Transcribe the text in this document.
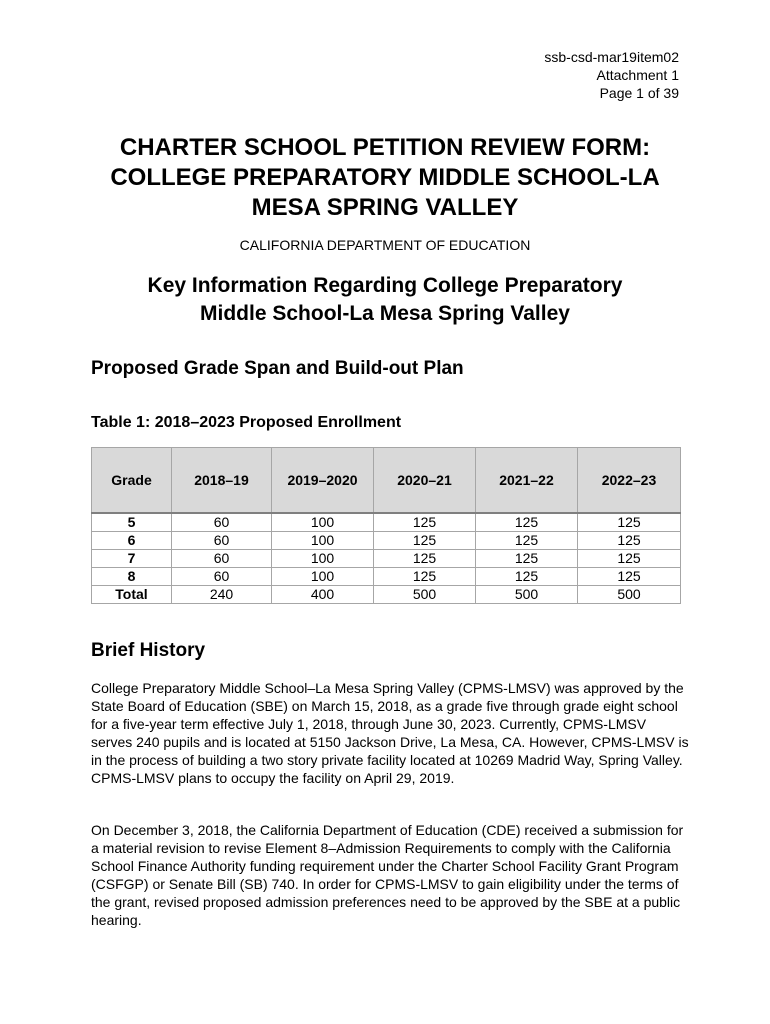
ssb-csd-mar19item02
Attachment 1
Page 1 of 39
CHARTER SCHOOL PETITION REVIEW FORM:
COLLEGE PREPARATORY MIDDLE SCHOOL-LA
MESA SPRING VALLEY
CALIFORNIA DEPARTMENT OF EDUCATION
Key Information Regarding College Preparatory
Middle School-La Mesa Spring Valley
Proposed Grade Span and Build-out Plan
Table 1: 2018–2023 Proposed Enrollment
Grade	2018–19	2019–2020	2020–21	2021–22	2022–23
5	60	100	125	125	125
6	60	100	125	125	125
7	60	100	125	125	125
8	60	100	125	125	125
Total	240	400	500	500	500
Brief History
College Preparatory Middle School–La Mesa Spring Valley (CPMS-LMSV) was approved by the State Board of Education (SBE) on March 15, 2018, as a grade five through grade eight school for a five-year term effective July 1, 2018, through June 30, 2023. Currently, CPMS-LMSV serves 240 pupils and is located at 5150 Jackson Drive, La Mesa, CA. However, CPMS-LMSV is in the process of building a two story private facility located at 10269 Madrid Way, Spring Valley. CPMS-LMSV plans to occupy the facility on April 29, 2019.
On December 3, 2018, the California Department of Education (CDE) received a submission for a material revision to revise Element 8–Admission Requirements to comply with the California School Finance Authority funding requirement under the Charter School Facility Grant Program (CSFGP) or Senate Bill (SB) 740. In order for CPMS-LMSV to gain eligibility under the terms of the grant, revised proposed admission preferences need to be approved by the SBE at a public hearing.
